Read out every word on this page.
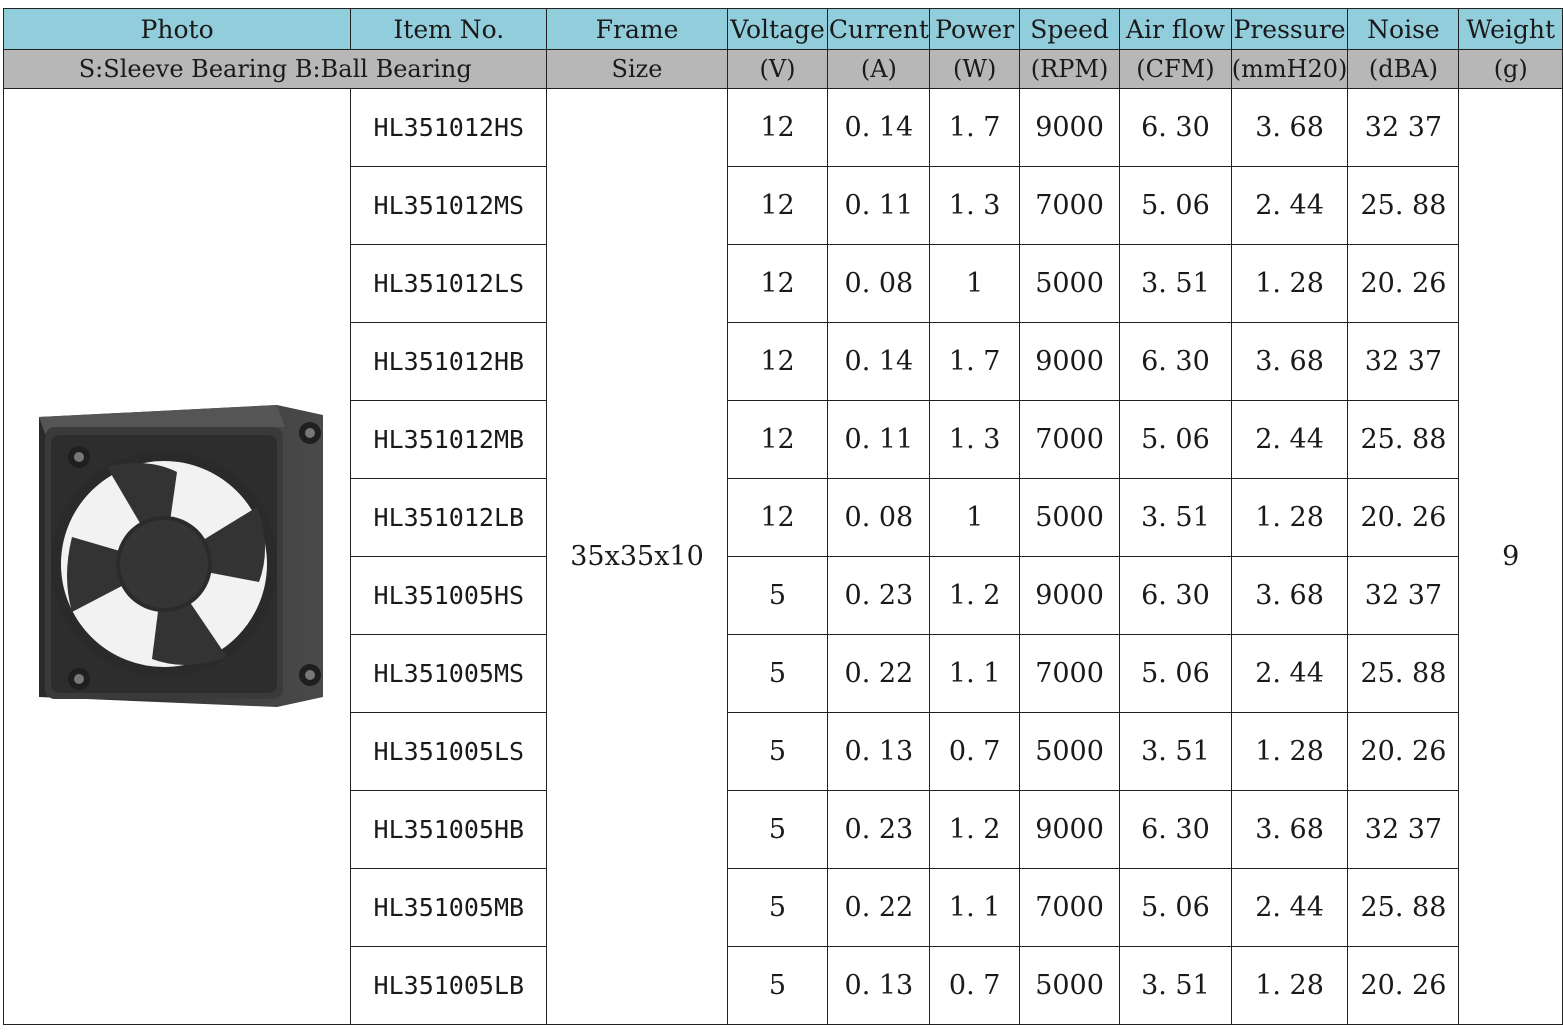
Photo	Item No.	Frame	Voltage	Current	Power	Speed	Air flow	Pressure	Noise	Weight
S:Sleeve Bearing B:Ball Bearing		Size	(V)	(A)	(W)	(RPM)	(CFM)	(mmH20)	(dBA)	(g)

	HL351012HS	35x35x10	12	0. 14	1. 7	9000	6. 30	3. 68	32 37	9
	HL351012MS		12	0. 11	1. 3	7000	5. 06	2. 44	25. 88	
	HL351012LS		12	0. 08	1	5000	3. 51	1. 28	20. 26	
	HL351012HB		12	0. 14	1. 7	9000	6. 30	3. 68	32 37	
	HL351012MB		12	0. 11	1. 3	7000	5. 06	2. 44	25. 88	
	HL351012LB		12	0. 08	1	5000	3. 51	1. 28	20. 26	
	HL351005HS		5	0. 23	1. 2	9000	6. 30	3. 68	32 37	
	HL351005MS		5	0. 22	1. 1	7000	5. 06	2. 44	25. 88	
	HL351005LS		5	0. 13	0. 7	5000	3. 51	1. 28	20. 26	
	HL351005HB		5	0. 23	1. 2	9000	6. 30	3. 68	32 37	
	HL351005MB		5	0. 22	1. 1	7000	5. 06	2. 44	25. 88	
	HL351005LB		5	0. 13	0. 7	5000	3. 51	1. 28	20. 26	
